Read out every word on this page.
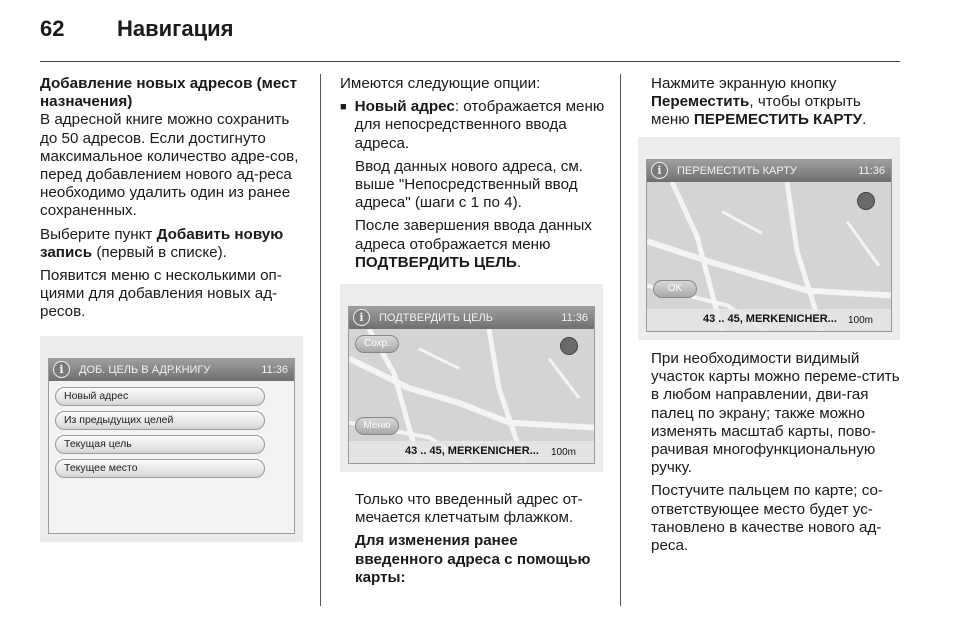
62 Навигация

Добавление новых адресов (мест назначения)
В адресной книге можно сохранить до 50 адресов. Если достигнуто максимальное количество адре-сов, перед добавлением нового ад-реса необходимо удалить один из ранее сохраненных.

Выберите пункт Добавить новую запись (первый в списке).

Появится меню с несколькими оп-циями для добавления новых ад-ресов.

i	ДОБ. ЦЕЛЬ В АДР.КНИГУ	11:36
Новый адрес
Из предыдущих целей
Текущая цель
Текущее место

Имеются следующие опции:

■ Новый адрес: отображается меню для непосредственного ввода адреса.

Ввод данных нового адреса, см. выше "Непосредственный ввод адреса" (шаги с 1 по 4).

После завершения ввода данных адреса отображается меню ПОДТВЕРДИТЬ ЦЕЛЬ.

i	ПОДТВЕРДИТЬ ЦЕЛЬ	11:36
Сохр.
Меню
43 .. 45, MERKENICHER... 100m

Только что введенный адрес от-мечается клетчатым флажком.

Для изменения ранее введенного адреса с помощью карты:

Нажмите экранную кнопку Переместить, чтобы открыть меню ПЕРЕМЕСТИТЬ КАРТУ.

i	ПЕРЕМЕСТИТЬ КАРТУ	11:36
OK
43 .. 45, MERKENICHER... 100m

При необходимости видимый участок карты можно переме-стить в любом направлении, дви-гая палец по экрану; также можно изменять масштаб карты, пово-рачивая многофункциональную ручку.

Постучите пальцем по карте; со-ответствующее место будет ус-тановлено в качестве нового ад-реса.
